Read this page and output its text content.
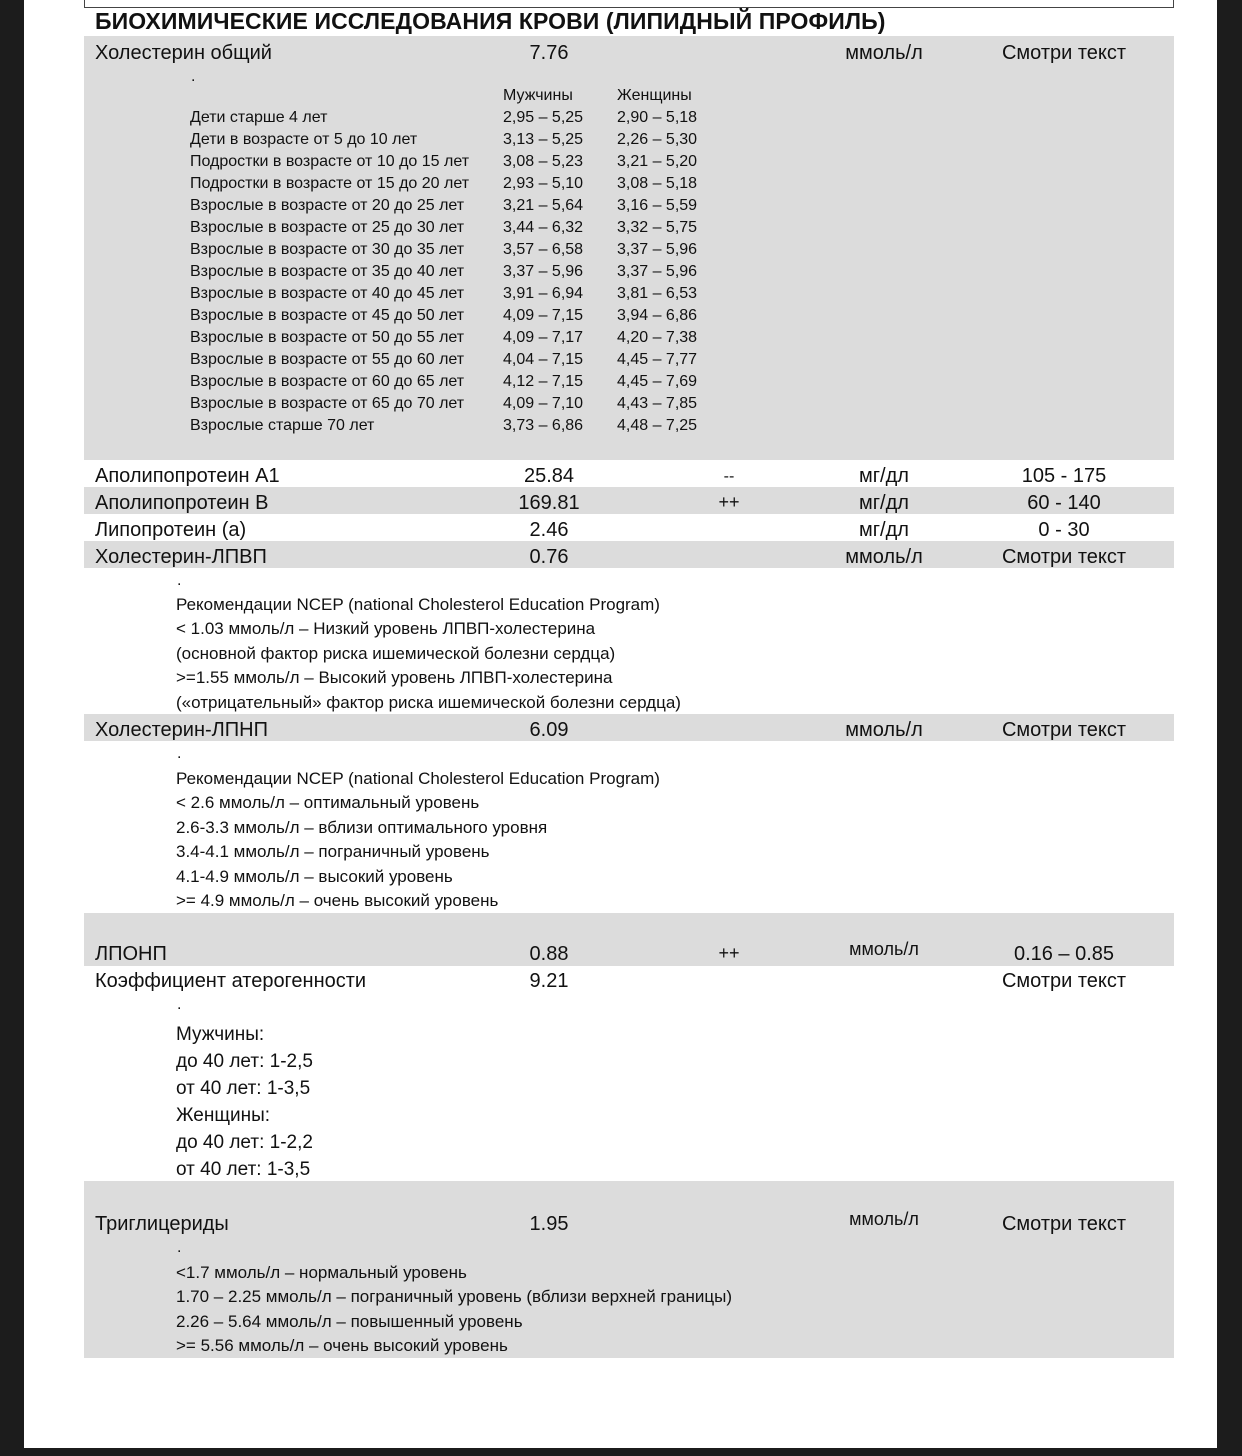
БИОХИМИЧЕСКИЕ ИССЛЕДОВАНИЯ КРОВИ (ЛИПИДНЫЙ ПРОФИЛЬ)
Холестерин общий	7.76	ммоль/л	Смотри текст
.
Мужчины	Женщины
Дети старше 4 лет	2,95 – 5,25 2,90 – 5,18
Дети в возрасте от 5 до 10 лет	3,13 – 5,25 2,26 – 5,30
Подростки в возрасте от 10 до 15 лет 3,08 – 5,23 3,21 – 5,20
Подростки в возрасте от 15 до 20 лет 2,93 – 5,10 3,08 – 5,18
Взрослые в возрасте от 20 до 25 лет 3,21 – 5,64 3,16 – 5,59
Взрослые в возрасте от 25 до 30 лет 3,44 – 6,32 3,32 – 5,75
Взрослые в возрасте от 30 до 35 лет 3,57 – 6,58 3,37 – 5,96
Взрослые в возрасте от 35 до 40 лет 3,37 – 5,96 3,37 – 5,96
Взрослые в возрасте от 40 до 45 лет 3,91 – 6,94 3,81 – 6,53
Взрослые в возрасте от 45 до 50 лет 4,09 – 7,15 3,94 – 6,86
Взрослые в возрасте от 50 до 55 лет 4,09 – 7,17 4,20 – 7,38
Взрослые в возрасте от 55 до 60 лет 4,04 – 7,15 4,45 – 7,77
Взрослые в возрасте от 60 до 65 лет 4,12 – 7,15 4,45 – 7,69
Взрослые в возрасте от 65 до 70 лет 4,09 – 7,10 4,43 – 7,85
Взрослые старше 70 лет	3,73 – 6,86 4,48 – 7,25
Аполипопротеин А1	25.84	--	мг/дл	105 - 175
Аполипопротеин B	169.81	++	мг/дл	60 - 140
Липопротеин (а)	2.46	мг/дл	0 - 30
Холестерин-ЛПВП	0.76	ммоль/л	Смотри текст
.
Рекомендации NCEP (national Cholesterol Education Program)
< 1.03 ммоль/л – Низкий уровень ЛПВП-холестерина
(основной фактор риска ишемической болезни сердца)
>=1.55 ммоль/л – Высокий уровень ЛПВП-холестерина
(«отрицательный» фактор риска ишемической болезни сердца)
Холестерин-ЛПНП	6.09	ммоль/л	Смотри текст
.
Рекомендации NCEP (national Cholesterol Education Program)
< 2.6 ммоль/л – оптимальный уровень
2.6-3.3 ммоль/л – вблизи оптимального уровня
3.4-4.1 ммоль/л – пограничный уровень
4.1-4.9 ммоль/л – высокий уровень
>= 4.9 ммоль/л – очень высокий уровень
ЛПОНП	0.88	++	ммоль/л	0.16 – 0.85
Коэффициент атерогенности	9.21	Смотри текст
.
Мужчины:
до 40 лет: 1-2,5
от 40 лет: 1-3,5
Женщины:
до 40 лет: 1-2,2
от 40 лет: 1-3,5
Триглицериды	1.95	ммоль/л	Смотри текст
.
<1.7 ммоль/л – нормальный уровень
1.70 – 2.25 ммоль/л – пограничный уровень (вблизи верхней границы)
2.26 – 5.64 ммоль/л – повышенный уровень
>= 5.56 ммоль/л – очень высокий уровень
